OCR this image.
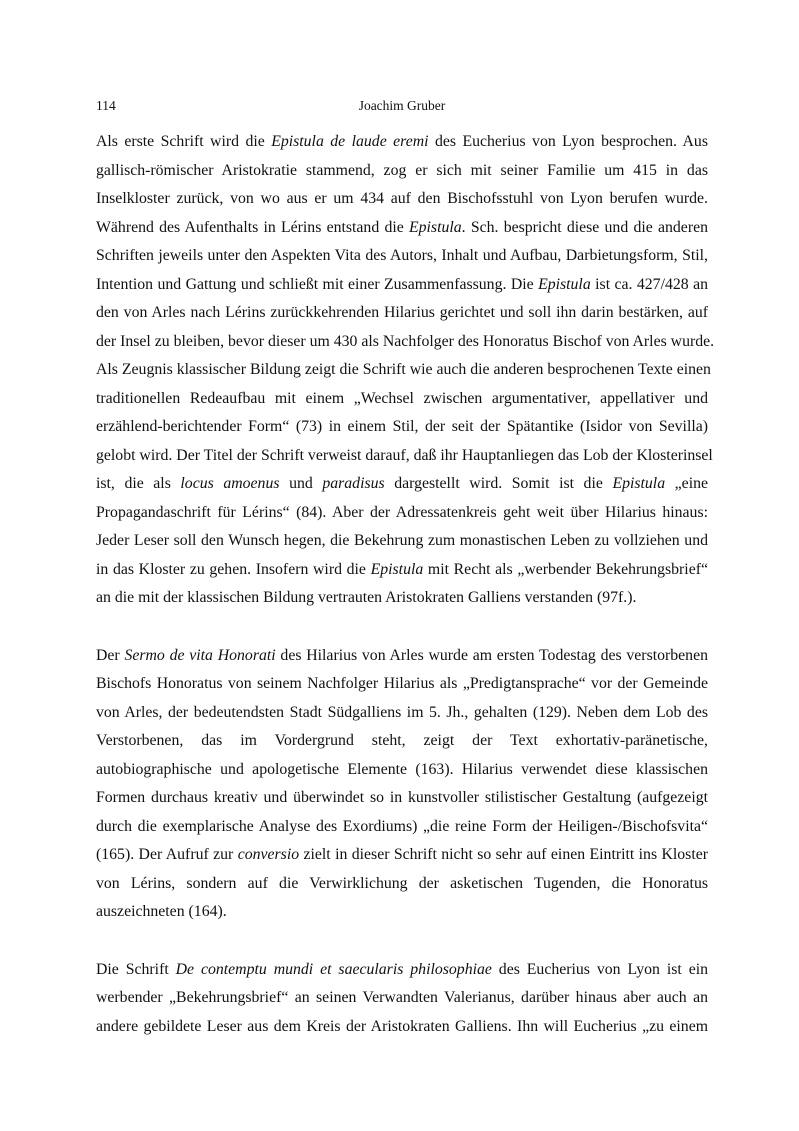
114	Joachim Gruber
Als erste Schrift wird die Epistula de laude eremi des Eucherius von Lyon besprochen. Aus
gallisch-römischer Aristokratie stammend, zog er sich mit seiner Familie um 415 in das
Inselkloster zurück, von wo aus er um 434 auf den Bischofsstuhl von Lyon berufen wurde.
Während des Aufenthalts in Lérins entstand die Epistula. Sch. bespricht diese und die anderen
Schriften jeweils unter den Aspekten Vita des Autors, Inhalt und Aufbau, Darbietungsform, Stil,
Intention und Gattung und schließt mit einer Zusammenfassung. Die Epistula ist ca. 427/428 an
den von Arles nach Lérins zurückkehrenden Hilarius gerichtet und soll ihn darin bestärken, auf
der Insel zu bleiben, bevor dieser um 430 als Nachfolger des Honoratus Bischof von Arles wurde.
Als Zeugnis klassischer Bildung zeigt die Schrift wie auch die anderen besprochenen Texte einen
traditionellen Redeaufbau mit einem „Wechsel zwischen argumentativer, appellativer und
erzählend-berichtender Form“ (73) in einem Stil, der seit der Spätantike (Isidor von Sevilla)
gelobt wird. Der Titel der Schrift verweist darauf, daß ihr Hauptanliegen das Lob der Klosterinsel
ist, die als locus amoenus und paradisus dargestellt wird. Somit ist die Epistula „eine
Propagandaschrift für Lérins“ (84). Aber der Adressatenkreis geht weit über Hilarius hinaus:
Jeder Leser soll den Wunsch hegen, die Bekehrung zum monastischen Leben zu vollziehen und
in das Kloster zu gehen. Insofern wird die Epistula mit Recht als „werbender Bekehrungsbrief“
an die mit der klassischen Bildung vertrauten Aristokraten Galliens verstanden (97f.).
Der Sermo de vita Honorati des Hilarius von Arles wurde am ersten Todestag des verstorbenen
Bischofs Honoratus von seinem Nachfolger Hilarius als „Predigtansprache“ vor der Gemeinde
von Arles, der bedeutendsten Stadt Südgalliens im 5. Jh., gehalten (129). Neben dem Lob des
Verstorbenen, das im Vordergrund steht, zeigt der Text exhortativ-paränetische,
autobiographische und apologetische Elemente (163). Hilarius verwendet diese klassischen
Formen durchaus kreativ und überwindet so in kunstvoller stilistischer Gestaltung (aufgezeigt
durch die exemplarische Analyse des Exordiums) „die reine Form der Heiligen-/Bischofsvita“
(165). Der Aufruf zur conversio zielt in dieser Schrift nicht so sehr auf einen Eintritt ins Kloster
von Lérins, sondern auf die Verwirklichung der asketischen Tugenden, die Honoratus
auszeichneten (164).
Die Schrift De contemptu mundi et saecularis philosophiae des Eucherius von Lyon ist ein
werbender „Bekehrungsbrief“ an seinen Verwandten Valerianus, darüber hinaus aber auch an
andere gebildete Leser aus dem Kreis der Aristokraten Galliens. Ihn will Eucherius „zu einem
